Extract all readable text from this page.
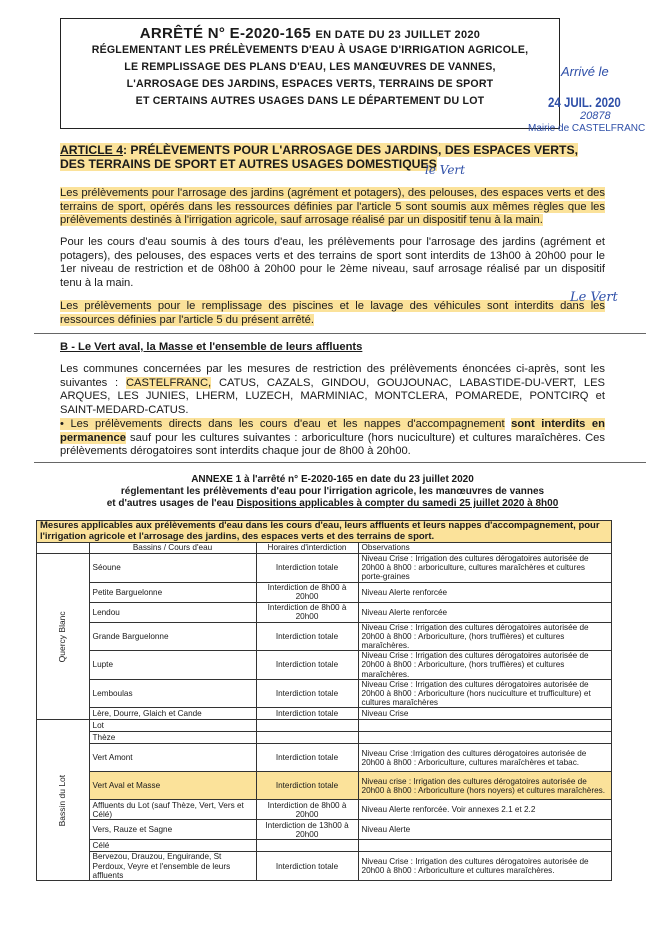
ARRÊTÉ N° E-2020-165 EN DATE DU 23 JUILLET 2020
RÉGLEMENTANT LES PRÉLÈVEMENTS D'EAU À USAGE D'IRRIGATION AGRICOLE,
LE REMPLISSAGE DES PLANS D'EAU, LES MANŒUVRES DE VANNES,
L'ARROSAGE DES JARDINS, ESPACES VERTS, TERRAINS DE SPORT
ET CERTAINS AUTRES USAGES DANS LE DÉPARTEMENT DU LOT
Arrivé le
24 JUIL. 2020
20878
Mairie de CASTELFRANC
ARTICLE 4: PRÉLÈVEMENTS POUR L'ARROSAGE DES JARDINS, DES ESPACES VERTS, DES TERRAINS DE SPORT ET AUTRES USAGES DOMESTIQUES
le Vert
Les prélèvements pour l'arrosage des jardins (agrément et potagers), des pelouses, des espaces verts et des terrains de sport, opérés dans les ressources définies par l'article 5 sont soumis aux mêmes règles que les prélèvements destinés à l'irrigation agricole, sauf arrosage réalisé par un dispositif tenu à la main.
Pour les cours d'eau soumis à des tours d'eau, les prélèvements pour l'arrosage des jardins (agrément et potagers), des pelouses, des espaces verts et des terrains de sport sont interdits de 13h00 à 20h00 pour le 1er niveau de restriction et de 08h00 à 20h00 pour le 2ème niveau, sauf arrosage réalisé par un dispositif tenu à la main.
Les prélèvements pour le remplissage des piscines et le lavage des véhicules sont interdits dans les ressources définies par l'article 5 du présent arrêté.
Le Vert
B - Le Vert aval, la Masse et l'ensemble de leurs affluents
Les communes concernées par les mesures de restriction des prélèvements énoncées ci-après, sont les suivantes : CASTELFRANC, CATUS, CAZALS, GINDOU, GOUJOUNAC, LABASTIDE-DU-VERT, LES ARQUES, LES JUNIES, LHERM, LUZECH, MARMINIAC, MONTCLERA, POMAREDE, PONTCIRQ et SAINT-MEDARD-CATUS.
• Les prélèvements directs dans les cours d'eau et les nappes d'accompagnement sont interdits en permanence sauf pour les cultures suivantes : arboriculture (hors nuciculture) et cultures maraîchères. Ces prélèvements dérogatoires sont interdits chaque jour de 8h00 à 20h00.
ANNEXE 1 à l'arrêté n° E-2020-165 en date du 23 juillet 2020
réglementant les prélèvements d'eau pour l'irrigation agricole, les manœuvres de vannes
et d'autres usages de l'eau Dispositions applicables à compter du samedi 25 juillet 2020 à 8h00
Mesures applicables aux prélèvements d'eau dans les cours d'eau, leurs affluents et leurs nappes d'accompagnement, pour l'irrigation agricole et l'arrosage des jardins, des espaces verts et des terrains de sport.			
	Bassins / Cours d'eau	Horaires d'interdiction	Observations

Quercy Blanc	Séoune	Interdiction totale	Niveau Crise : Irrigation des cultures dérogatoires autorisée de 20h00 à 8h00 : arboriculture, cultures maraîchères et cultures porte-graines
	Petite Barguelonne	Interdiction de 8h00 à 20h00	Niveau Alerte renforcée
	Lendou	Interdiction de 8h00 à 20h00	Niveau Alerte renforcée
	Grande Barguelonne	Interdiction totale	Niveau Crise : Irrigation des cultures dérogatoires autorisée de 20h00 à 8h00 : Arboriculture, (hors truffières) et cultures maraîchères.
	Lupte	Interdiction totale	Niveau Crise : Irrigation des cultures dérogatoires autorisée de 20h00 à 8h00 : Arboriculture, (hors truffières) et cultures maraîchères.
	Lemboulas	Interdiction totale	Niveau Crise : Irrigation des cultures dérogatoires autorisée de 20h00 à 8h00 : Arboriculture (hors nuciculture et trufficulture) et cultures maraîchères
	Lère, Dourre, Glaich et Cande	Interdiction totale	Niveau Crise

Bassin du Lot	Lot		
	Thèze		
	Vert Amont	Interdiction totale	Niveau Crise :Irrigation des cultures dérogatoires autorisée de 20h00 à 8h00 : Arboriculture, cultures maraîchères et tabac.
	Vert Aval et Masse	Interdiction totale	Niveau crise : Irrigation des cultures dérogatoires autorisée de 20h00 à 8h00 : Arboriculture (hors noyers) et cultures maraîchères.
	Affluents du Lot (sauf Thèze, Vert, Vers et Célé)	Interdiction de 8h00 à 20h00	Niveau Alerte renforcée. Voir annexes 2.1 et 2.2
	Vers, Rauze et Sagne	Interdiction de 13h00 à 20h00	Niveau Alerte
	Célé		
	Bervezou, Drauzou, Enguirande, St Perdoux, Veyre et l'ensemble de leurs affluents	Interdiction totale	Niveau Crise : Irrigation des cultures dérogatoires autorisée de 20h00 à 8h00 : Arboriculture et cultures maraîchères.
